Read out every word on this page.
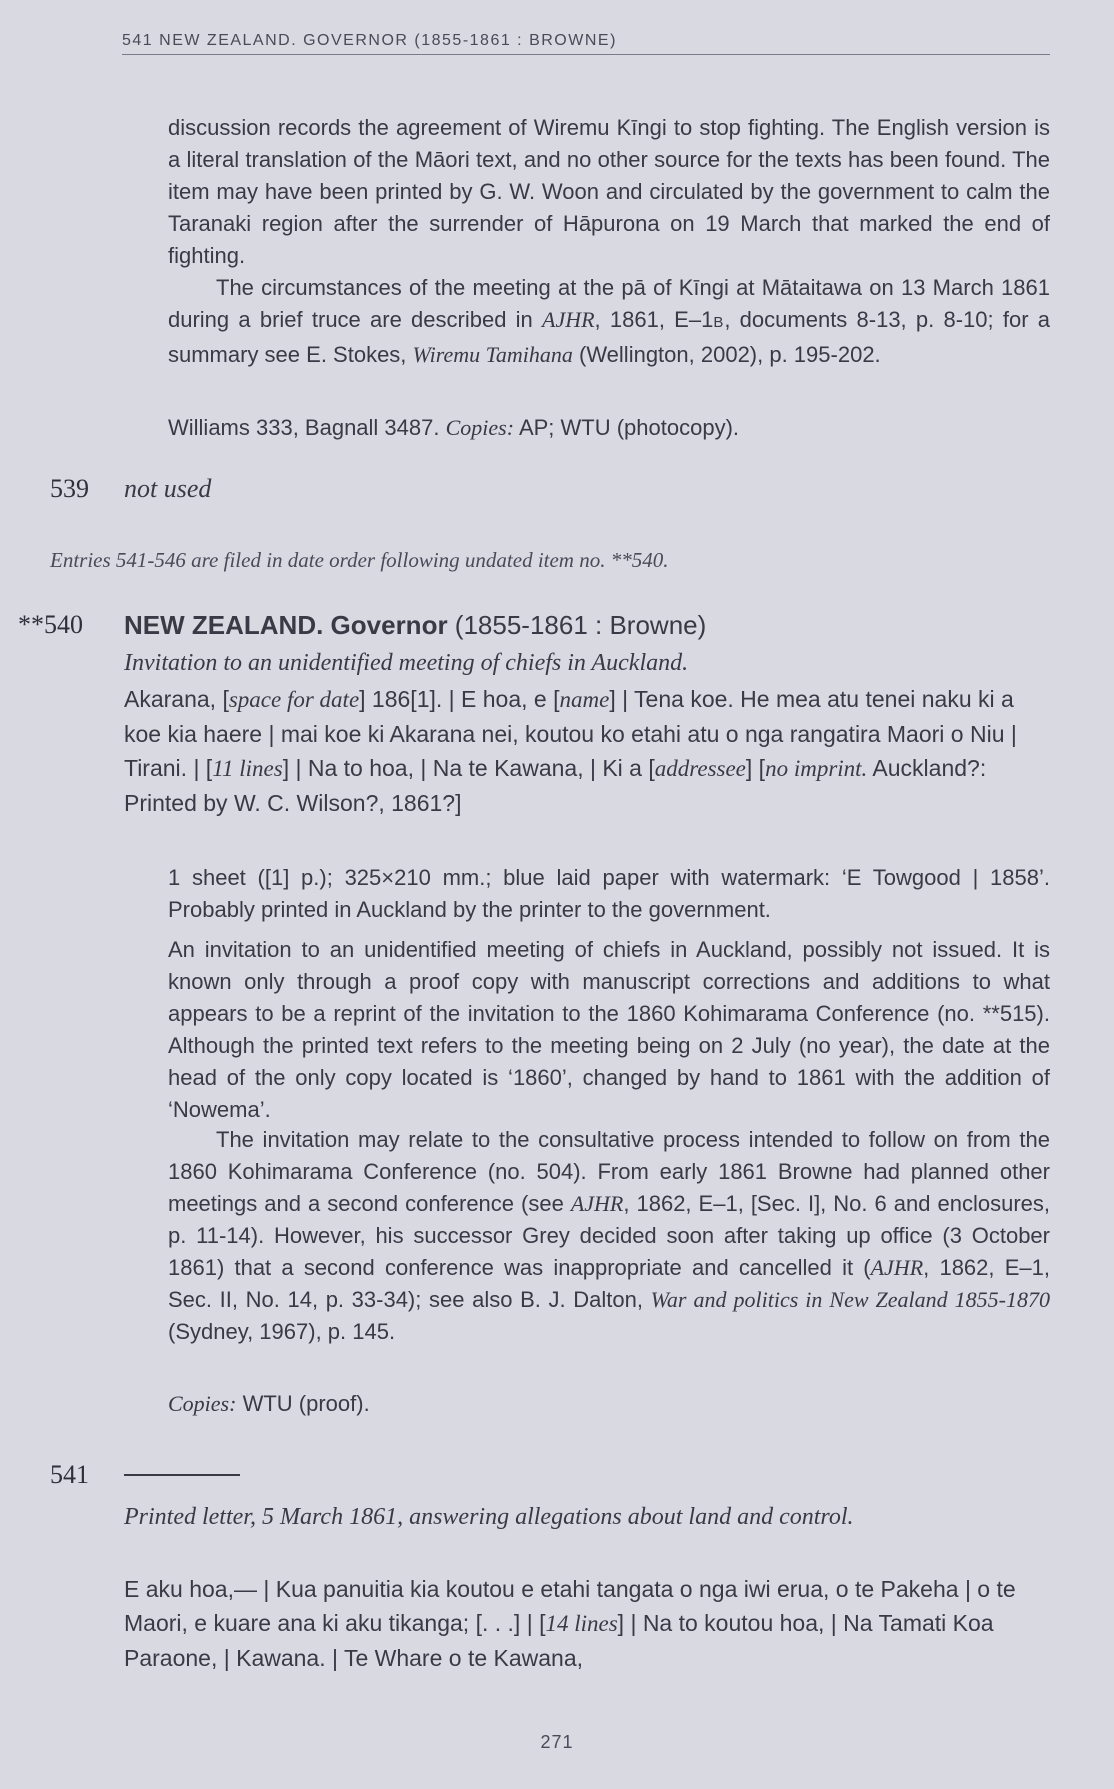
541 NEW ZEALAND. GOVERNOR (1855-1861 : BROWNE)

discussion records the agreement of Wiremu Kīngi to stop fighting. The English version is a literal translation of the Māori text, and no other source for the texts has been found. The item may have been printed by G. W. Woon and circulated by the government to calm the Taranaki region after the surrender of Hāpurona on 19 March that marked the end of fighting.

The circumstances of the meeting at the pā of Kīngi at Mātaitawa on 13 March 1861 during a brief truce are described in AJHR, 1861, E–1B, documents 8-13, p. 8-10; for a summary see E. Stokes, Wiremu Tamihana (Wellington, 2002), p. 195-202.

Williams 333, Bagnall 3487. Copies: AP; WTU (photocopy).

539 not used
Entries 541-546 are filed in date order following undated item no. **540.
**540 NEW ZEALAND. Governor (1855-1861 : Browne)
Invitation to an unidentified meeting of chiefs in Auckland.

Akarana, [space for date] 186[1]. | E hoa, e [name] | Tena koe. He mea atu tenei naku ki a koe kia haere | mai koe ki Akarana nei, koutou ko etahi atu o nga rangatira Maori o Niu | Tirani. | [11 lines] | Na to hoa, | Na te Kawana, | Ki a [addressee] [no imprint. Auckland?: Printed by W. C. Wilson?, 1861?]

1 sheet ([1] p.); 325×210 mm.; blue laid paper with watermark: ‘E Towgood | 1858’. Probably printed in Auckland by the printer to the government.

An invitation to an unidentified meeting of chiefs in Auckland, possibly not issued. It is known only through a proof copy with manuscript corrections and additions to what appears to be a reprint of the invitation to the 1860 Kohimarama Conference (no. **515). Although the printed text refers to the meeting being on 2 July (no year), the date at the head of the only copy located is ‘1860’, changed by hand to 1861 with the addition of ‘Nowema’.

The invitation may relate to the consultative process intended to follow on from the 1860 Kohimarama Conference (no. 504). From early 1861 Browne had planned other meetings and a second conference (see AJHR, 1862, E–1, [Sec. I], No. 6 and enclosures, p. 11-14). However, his successor Grey decided soon after taking up office (3 October 1861) that a second conference was inappropriate and cancelled it (AJHR, 1862, E–1, Sec. II, No. 14, p. 33-34); see also B. J. Dalton, War and politics in New Zealand 1855-1870 (Sydney, 1967), p. 145.

Copies: WTU (proof).

541
Printed letter, 5 March 1861, answering allegations about land and control.

E aku hoa,— | Kua panuitia kia koutou e etahi tangata o nga iwi erua, o te Pakeha | o te Maori, e kuare ana ki aku tikanga; [. . .] | [14 lines] | Na to koutou hoa, | Na Tamati Koa Paraone, | Kawana. | Te Whare o te Kawana,

271
